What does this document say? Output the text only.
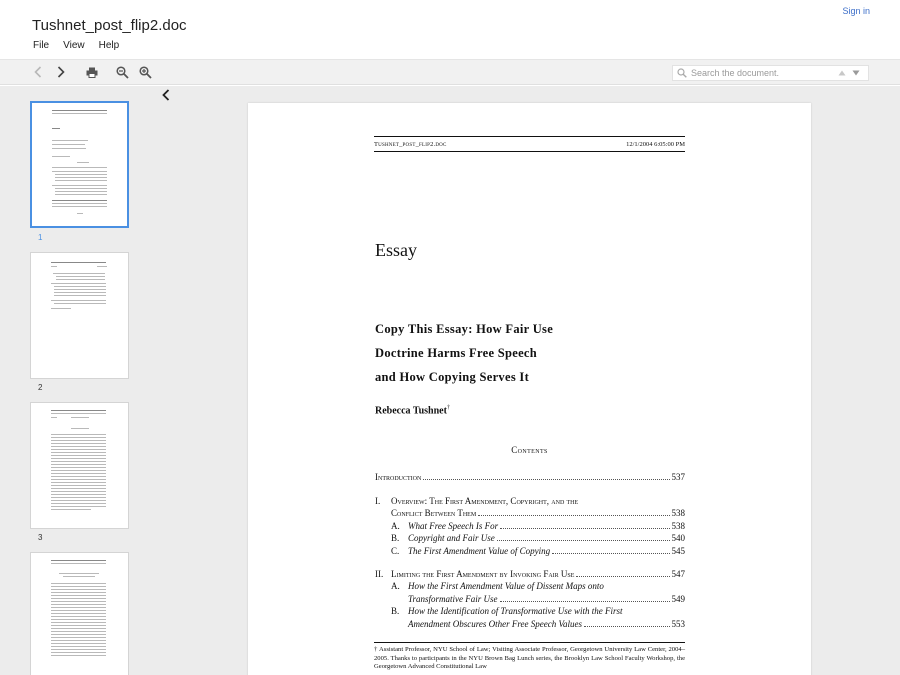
Tushnet_post_flip2.doc
Sign in
File View Help
Search the document.
1
2
3
Tushnet_post_flip2.doc	12/1/2004 6:05:00 PM
Essay
Copy This Essay: How Fair Use
Doctrine Harms Free Speech
and How Copying Serves It
Rebecca Tushnet†
Contents
Introduction	537
I.	Overview: The First Amendment, Copyright, and the
Conflict Between Them	538
A. What Free Speech Is For	538
B. Copyright and Fair Use	540
C. The First Amendment Value of Copying	545
II. Limiting the First Amendment by Invoking Fair Use	547
A. How the First Amendment Value of Dissent Maps onto
Transformative Fair Use	549
B. How the Identification of Transformative Use with the First
Amendment Obscures Other Free Speech Values	553
† Assistant Professor, NYU School of Law; Visiting Associate Professor, Georgetown University Law Center, 2004–2005. Thanks to participants in the NYU Brown Bag Lunch series, the Brooklyn Law School Faculty Workshop, the Georgetown Advanced Constitutional Law
